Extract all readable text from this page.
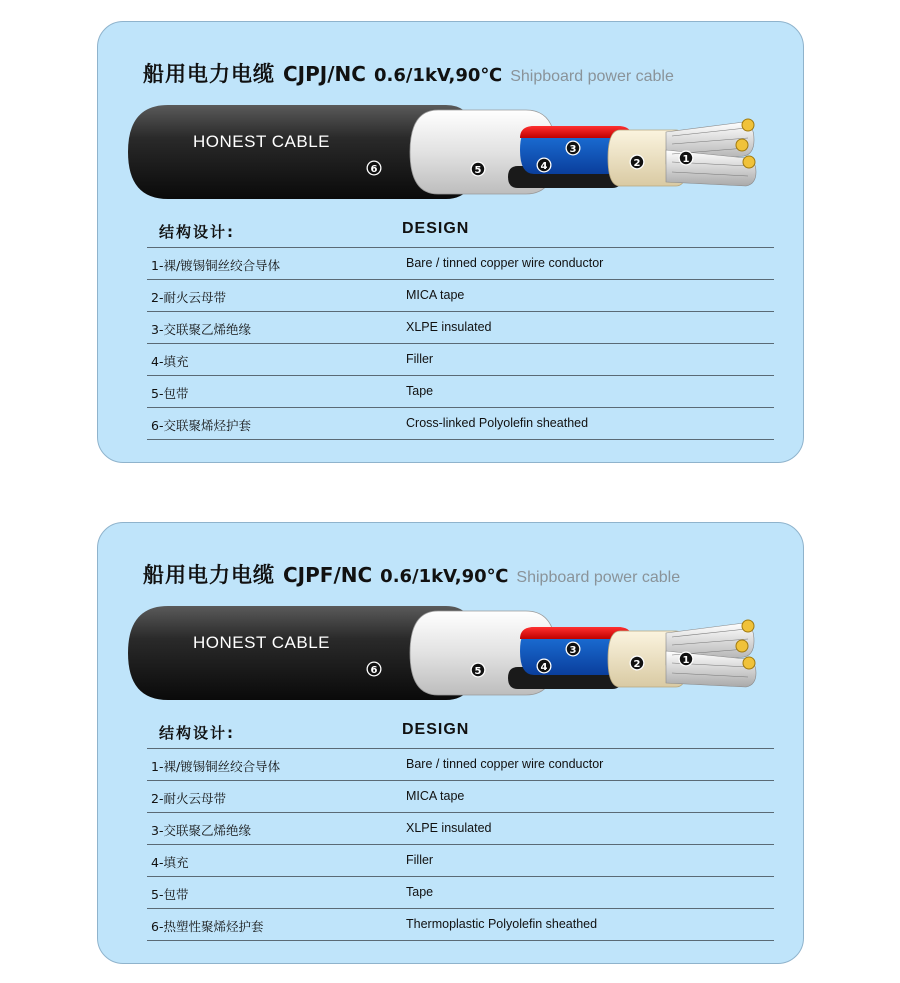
船用电力电缆 CJPJ/NC 0.6/1kV,90℃ Shipboard power cable
6	5	4
3
2	1
HONEST CABLE
结构设计:	DESIGN
1-裸/镀锡铜丝绞合导体	Bare / tinned copper wire conductor
2-耐火云母带	MICA tape
3-交联聚乙烯绝缘	XLPE insulated
4-填充	Filler
5-包带	Tape
6-交联聚烯烃护套	Cross-linked Polyolefin sheathed
船用电力电缆 CJPF/NC 0.6/1kV,90℃ Shipboard power cable
6	5	4
3
2	1
HONEST CABLE
结构设计:	DESIGN
1-裸/镀锡铜丝绞合导体	Bare / tinned copper wire conductor
2-耐火云母带	MICA tape
3-交联聚乙烯绝缘	XLPE insulated
4-填充	Filler
5-包带	Tape
6-热塑性聚烯烃护套	Thermoplastic Polyolefin sheathed
